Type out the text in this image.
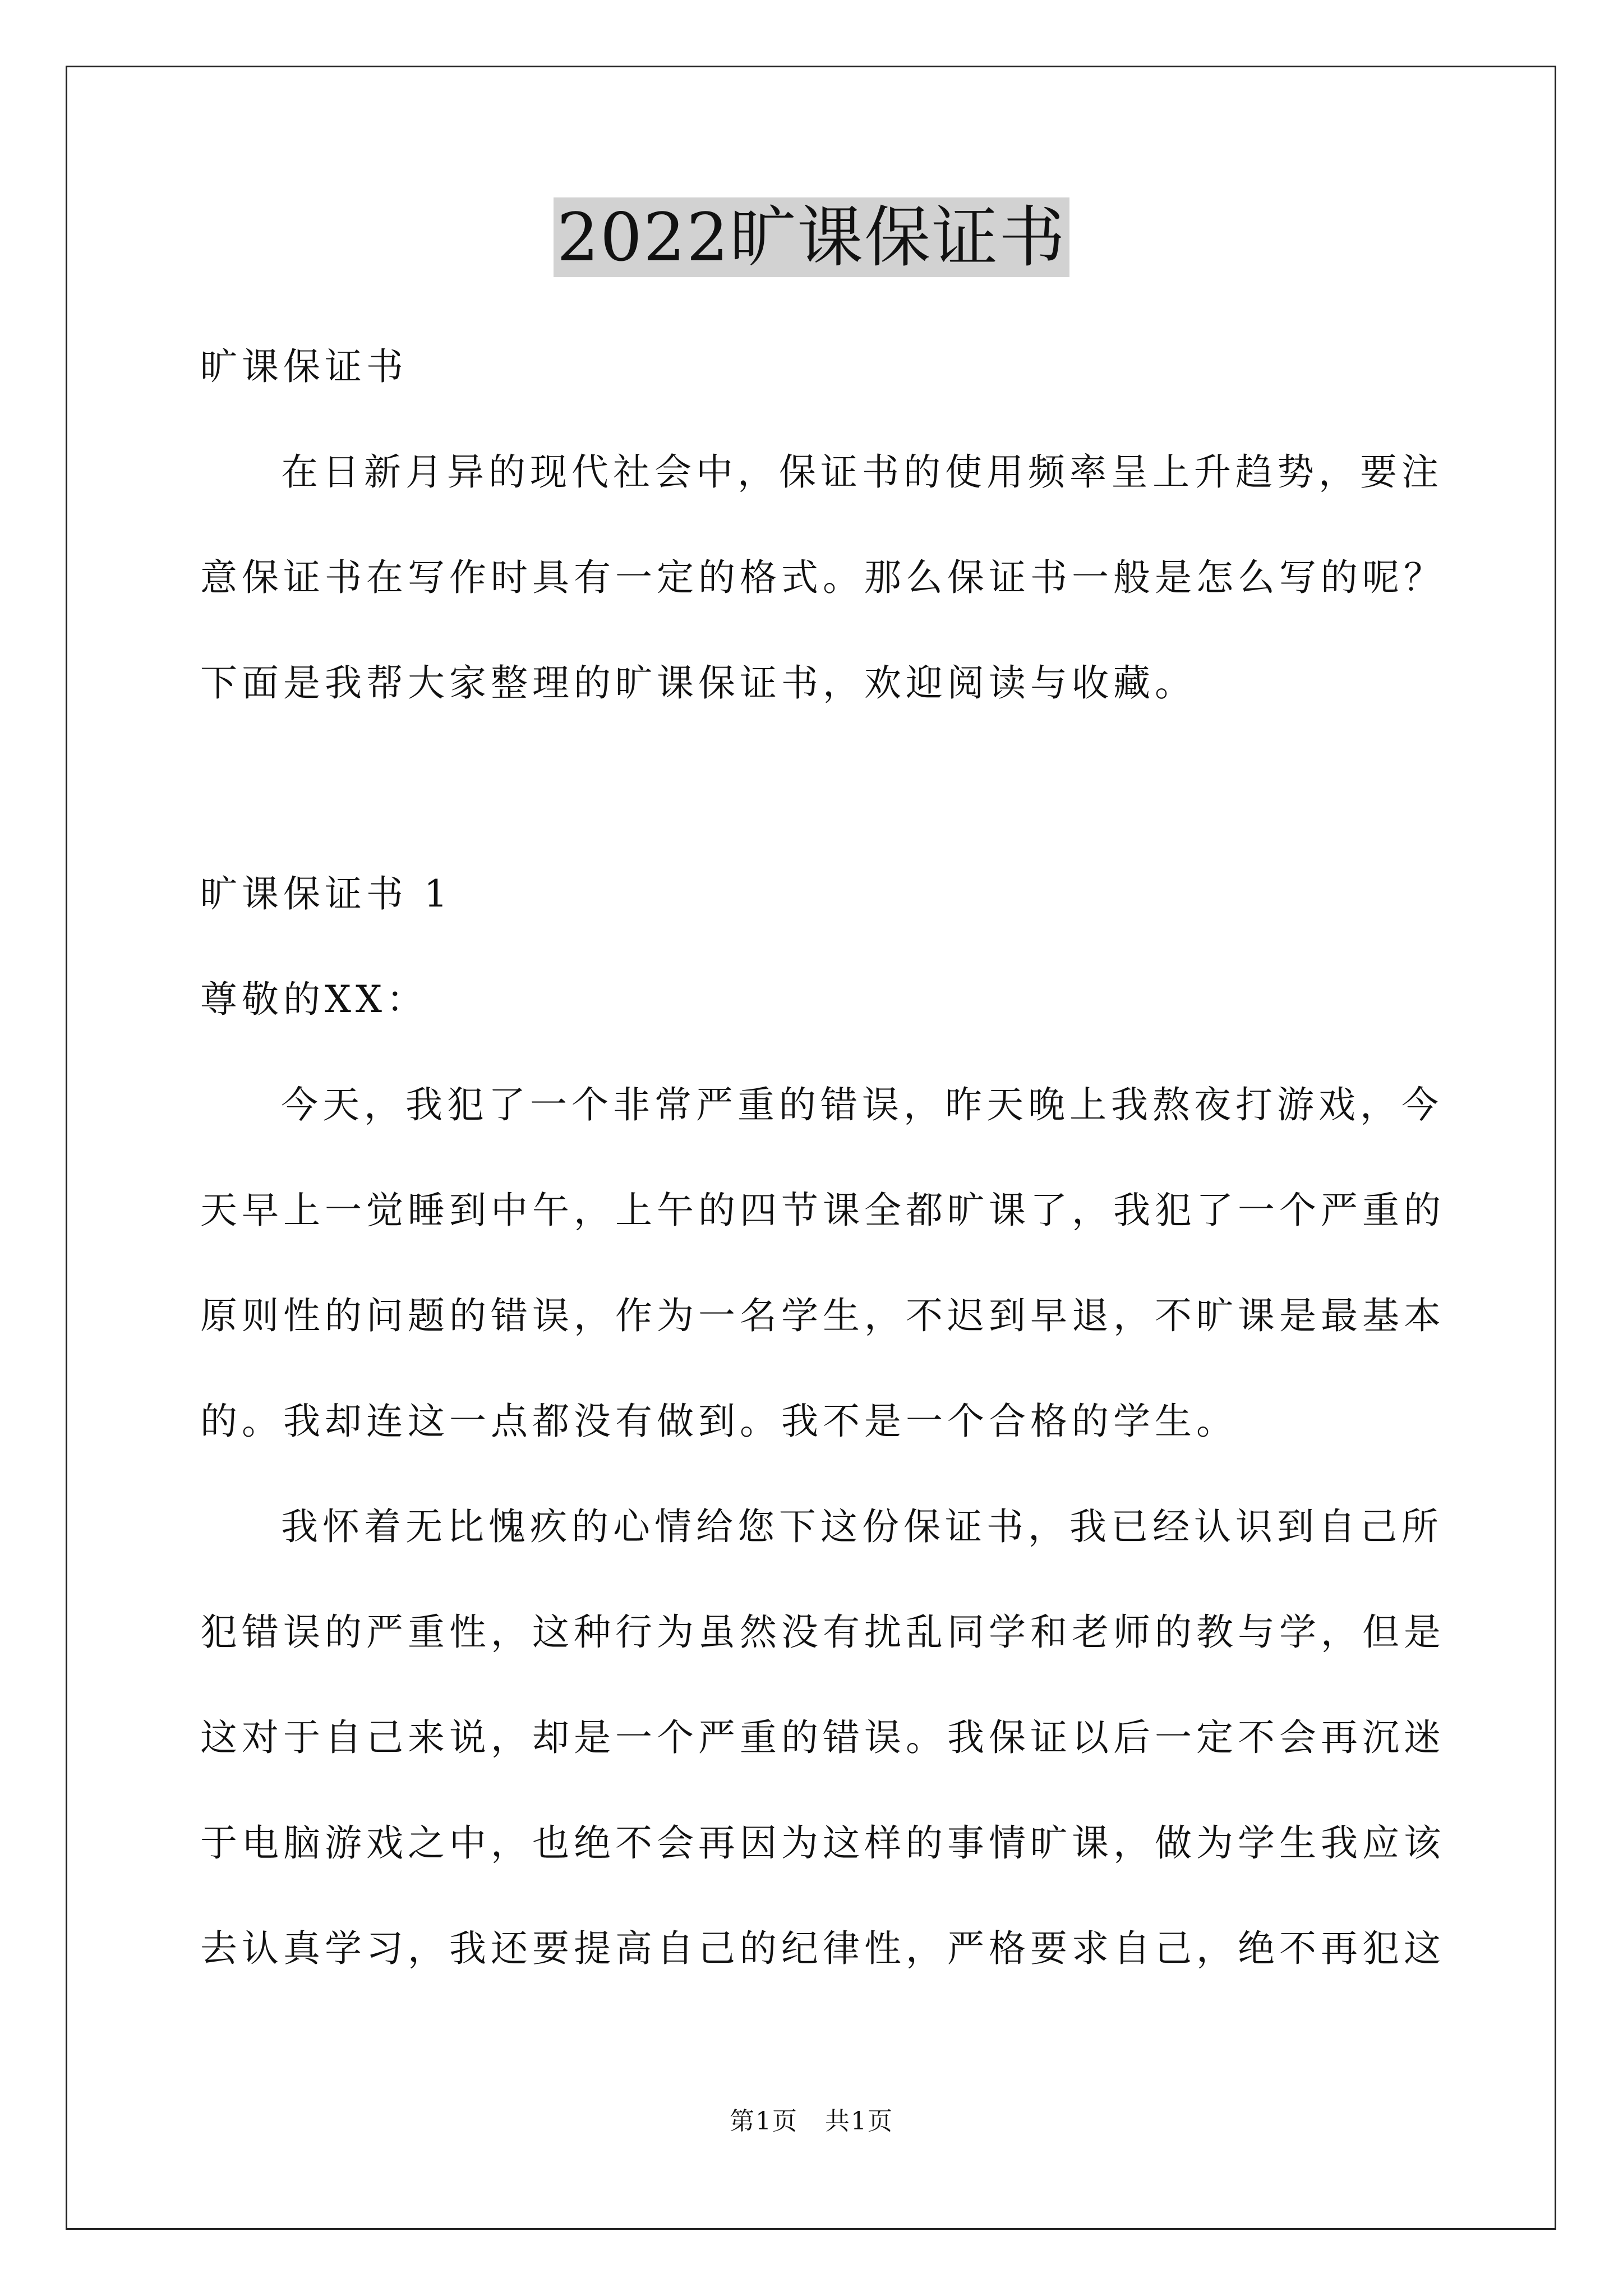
2022旷课保证书
旷课保证书
在日新月异的现代社会中，保证书的使用频率呈上升趋势，要注
意保证书在写作时具有一定的格式。那么保证书一般是怎么写的呢？
下面是我帮大家整理的旷课保证书，欢迎阅读与收藏。
旷课保证书 1
尊敬的XX：
今天，我犯了一个非常严重的错误，昨天晚上我熬夜打游戏，今
天早上一觉睡到中午，上午的四节课全都旷课了，我犯了一个严重的
原则性的问题的错误，作为一名学生，不迟到早退，不旷课是最基本
的。我却连这一点都没有做到。我不是一个合格的学生。
我怀着无比愧疚的心情给您下这份保证书，我已经认识到自己所
犯错误的严重性，这种行为虽然没有扰乱同学和老师的教与学，但是
这对于自己来说，却是一个严重的错误。我保证以后一定不会再沉迷
于电脑游戏之中，也绝不会再因为这样的事情旷课，做为学生我应该
去认真学习，我还要提高自己的纪律性，严格要求自己，绝不再犯这
第1页   共1页
